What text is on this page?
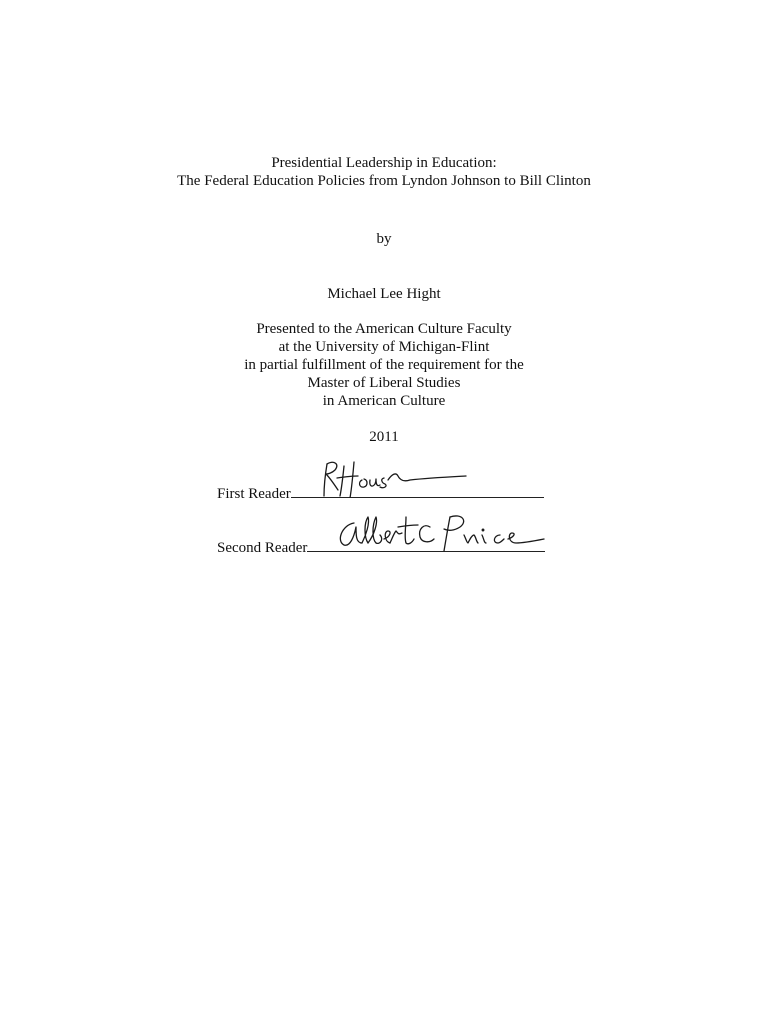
Presidential Leadership in Education:
The Federal Education Policies from Lyndon Johnson to Bill Clinton
by
Michael Lee Hight
Presented to the American Culture Faculty
at the University of Michigan-Flint
in partial fulfillment of the requirement for the
Master of Liberal Studies
in American Culture
2011
First Reader
Second Reader
